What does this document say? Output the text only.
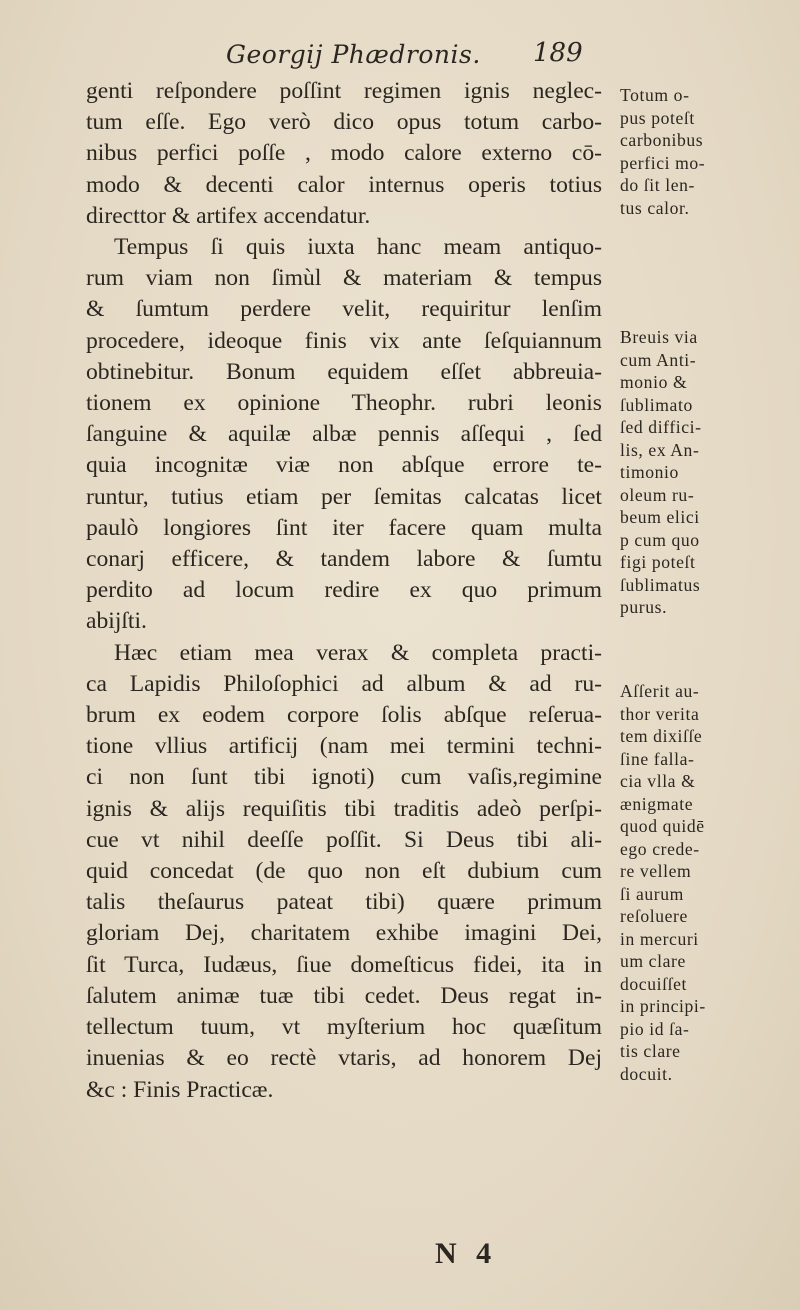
Georgij Phædronis. 189
genti reſpondere poſſint regimen ignis neglec-
tum eſſe. Ego verò dico opus totum carbo-
nibus perfici poſſe , modo calore externo cō-
modo & decenti calor internus operis totius
directtor & artifex accendatur.
Tempus ſi quis iuxta hanc meam antiquo-
rum viam non ſimùl & materiam & tempus
& ſumtum perdere velit, requiritur lenſim
procedere, ideoque finis vix ante ſeſquiannum
obtinebitur. Bonum equidem eſſet abbreuia-
tionem ex opinione Theophr. rubri leonis
ſanguine & aquilæ albæ pennis aſſequi , ſed
quia incognitæ viæ non abſque errore te-
runtur, tutius etiam per ſemitas calcatas licet
paulò longiores ſint iter facere quam multa
conarj efficere, & tandem labore & ſumtu
perdito ad locum redire ex quo primum
abijſti.
Hæc etiam mea verax & completa practi-
ca Lapidis Philoſophici ad album & ad ru-
brum ex eodem corpore ſolis abſque reſerua-
tione vllius artificij (nam mei termini techni-
ci non ſunt tibi ignoti) cum vaſis,regimine
ignis & alijs requiſitis tibi traditis adeò perſpi-
cue vt nihil deeſſe poſſit. Si Deus tibi ali-
quid concedat (de quo non eſt dubium cum
talis theſaurus pateat tibi) quære primum
gloriam Dej, charitatem exhibe imagini Dei,
ſit Turca, Iudæus, ſiue domeſticus fidei, ita in
ſalutem animæ tuæ tibi cedet. Deus regat in-
tellectum tuum, vt myſterium hoc quæſitum
inuenias & eo rectè vtaris, ad honorem Dej
&c : Finis Practicæ.
Totum o-
pus poteſt
carbonibus
perfici mo-
do ſit len-
tus calor.
Breuis via
cum Anti-
monio &
ſublimato
ſed diffici-
lis, ex An-
timonio
oleum ru-
beum elici
p cum quo
figi poteſt
ſublimatus
purus.
Aſſerit au-
thor verita
tem dixiſſe
ſine falla-
cia vlla &
ænigmate
quod quidē
ego crede-
re vellem
ſi aurum
reſoluere
in mercuri
um clare
docuiſſet
in principi-
pio id ſa-
tis clare
docuit.
N 4
